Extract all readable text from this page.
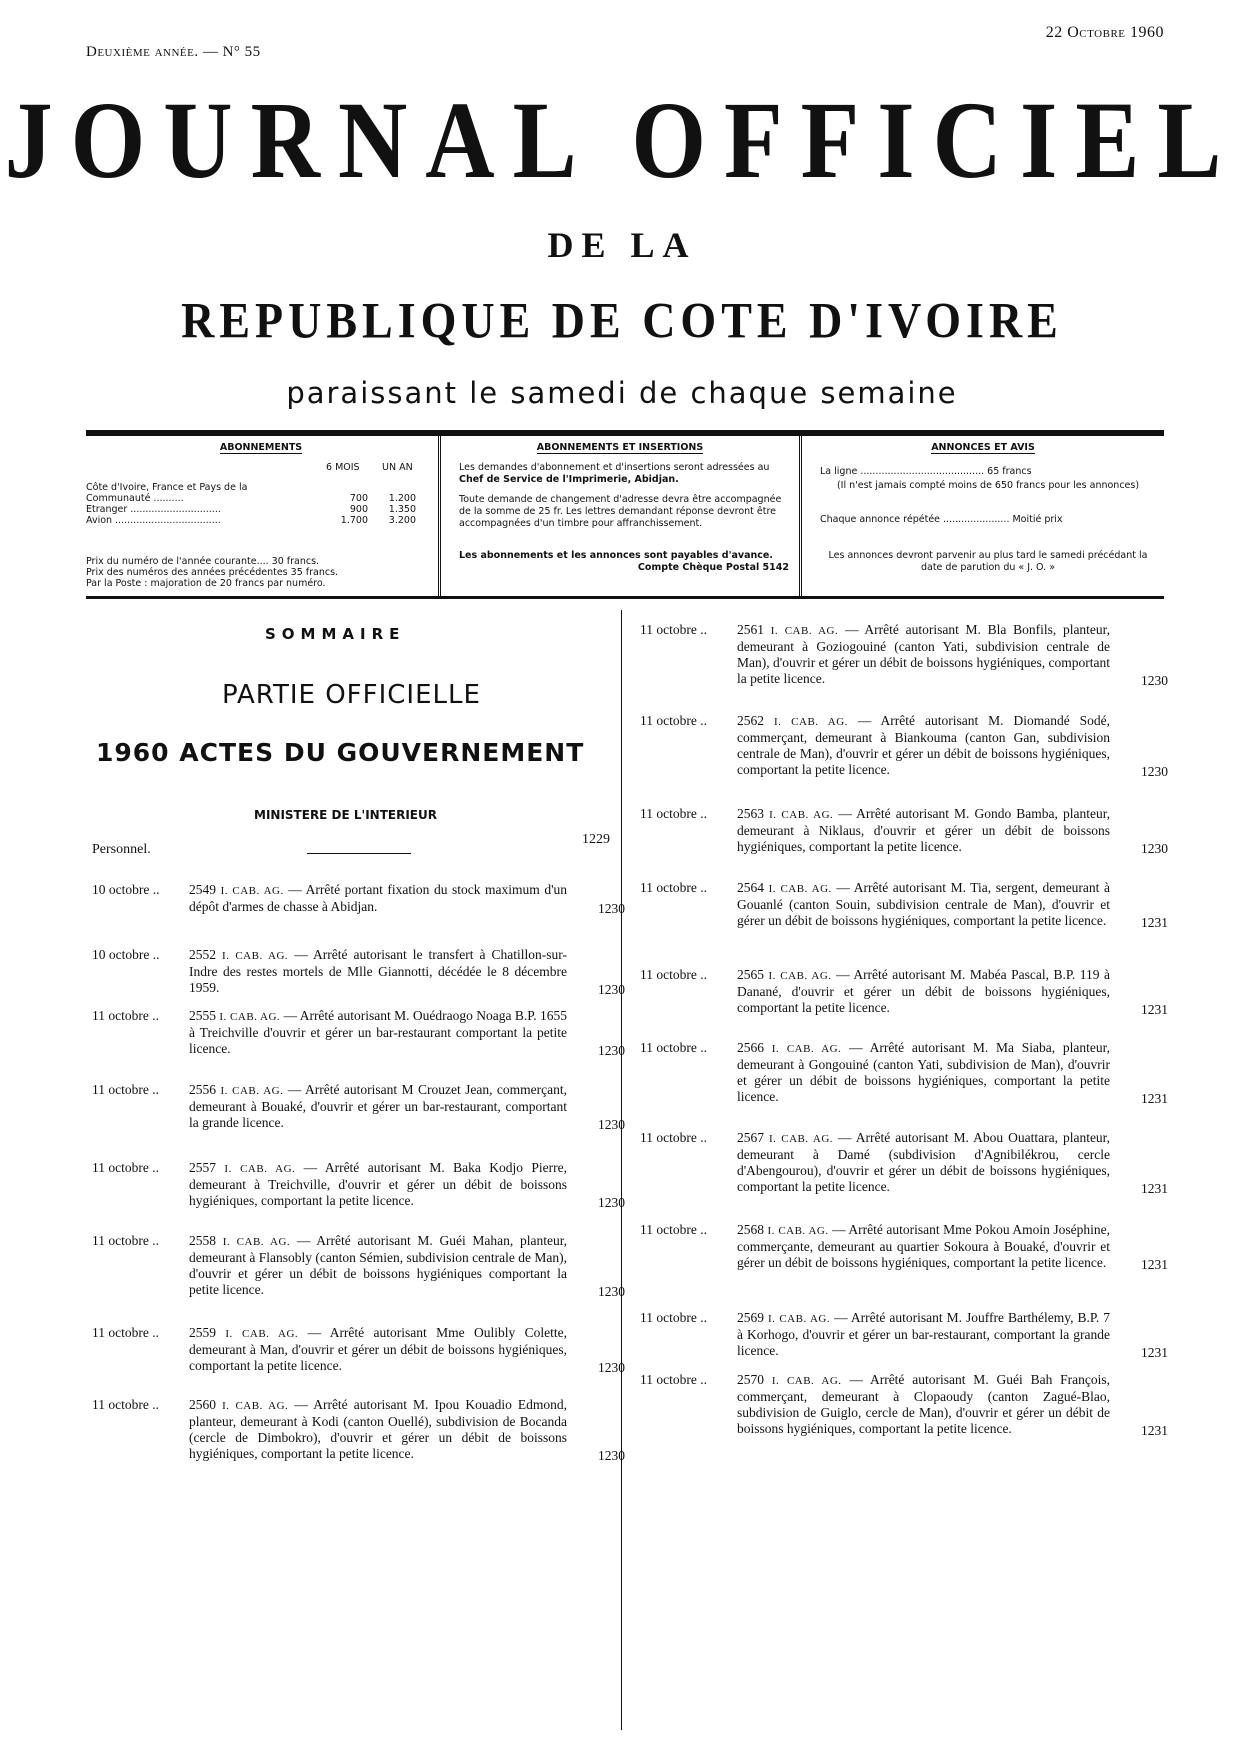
Deuxième année. — N° 55
22 Octobre 1960
JOURNAL OFFICIEL
DE LA
REPUBLIQUE DE COTE D'IVOIRE
paraissant le samedi de chaque semaine
ABONNEMENTS
6 MOIS UN AN
Côte d'Ivoire, France et Pays de la Communauté ..........	700	1.200
Etranger ..............................	900	1.350
Avion ...................................	1.700	3.200
Prix du numéro de l'année courante.... 30 francs.
Prix des numéros des années précédentes 35 francs.
Par la Poste : majoration de 20 francs par numéro.
ABONNEMENTS ET INSERTIONS
Les demandes d'abonnement et d'insertions seront adressées au Chef de Service de l'Imprimerie, Abidjan.
Toute demande de changement d'adresse devra être accompagnée de la somme de 25 fr. Les lettres demandant réponse devront être accompagnées d'un timbre pour affranchissement.
Les abonnements et les annonces sont payables d'avance.
Compte Chèque Postal 5142
ANNONCES ET AVIS
La ligne ......................................... 65 francs
(Il n'est jamais compté moins de 650 francs pour les annonces)
Chaque annonce répétée ...................... Moitié prix
Les annonces devront parvenir au plus tard le samedi précédant la date de parution du « J. O. »
SOMMAIRE
PARTIE OFFICIELLE
1960 ACTES DU GOUVERNEMENT
MINISTERE DE L'INTERIEUR
Personnel.
1229
10 octobre .. 2549 I. CAB. AG. — Arrêté portant fixation du stock maximum d'un dépôt d'armes de chasse à Abidjan.	1230
10 octobre .. 2552 I. CAB. AG. — Arrêté autorisant le transfert à Chatillon-sur-Indre des restes mortels de Mlle Giannotti, décédée le 8 décembre 1959.	1230
11 octobre .. 2555 I. CAB. AG. — Arrêté autorisant M. Ouédraogo Noaga B.P. 1655 à Treichville d'ouvrir et gérer un bar-restaurant comportant la petite licence.	1230
11 octobre .. 2556 I. CAB. AG. — Arrêté autorisant M Crouzet Jean, commerçant, demeurant à Bouaké, d'ouvrir et gérer un bar-restaurant, comportant la grande licence.	1230
11 octobre .. 2557 I. CAB. AG. — Arrêté autorisant M. Baka Kodjo Pierre, demeurant à Treichville, d'ouvrir et gérer un débit de boissons hygiéniques, comportant la petite licence.	1230
11 octobre .. 2558 I. CAB. AG. — Arrêté autorisant M. Guéi Mahan, planteur, demeurant à Flansobly (canton Sémien, subdivision centrale de Man), d'ouvrir et gérer un débit de boissons hygiéniques comportant la petite licence.	1230
11 octobre .. 2559 I. CAB. AG. — Arrêté autorisant Mme Oulibly Colette, demeurant à Man, d'ouvrir et gérer un débit de boissons hygiéniques, comportant la petite licence.	1230
11 octobre .. 2560 I. CAB. AG. — Arrêté autorisant M. Ipou Kouadio Edmond, planteur, demeurant à Kodi (canton Ouellé), subdivision de Bocanda (cercle de Dimbokro), d'ouvrir et gérer un débit de boissons hygiéniques, comportant la petite licence.	1230
11 octobre .. 2561 I. CAB. AG. — Arrêté autorisant M. Bla Bonfils, planteur, demeurant à Goziogouiné (canton Yati, subdivision centrale de Man), d'ouvrir et gérer un débit de boissons hygiéniques, comportant la petite licence.	1230
11 octobre .. 2562 I. CAB. AG. — Arrêté autorisant M. Diomandé Sodé, commerçant, demeurant à Biankouma (canton Gan, subdivision centrale de Man), d'ouvrir et gérer un débit de boissons hygiéniques, comportant la petite licence.	1230
11 octobre .. 2563 I. CAB. AG. — Arrêté autorisant M. Gondo Bamba, planteur, demeurant à Niklaus, d'ouvrir et gérer un débit de boissons hygiéniques, comportant la petite licence.	1230
11 octobre .. 2564 I. CAB. AG. — Arrêté autorisant M. Tia, sergent, demeurant à Gouanlé (canton Souin, subdivision centrale de Man), d'ouvrir et gérer un débit de boissons hygiéniques, comportant la petite licence.	1231
11 octobre .. 2565 I. CAB. AG. — Arrêté autorisant M. Mabéa Pascal, B.P. 119 à Danané, d'ouvrir et gérer un débit de boissons hygiéniques, comportant la petite licence.	1231
11 octobre .. 2566 I. CAB. AG. — Arrêté autorisant M. Ma Siaba, planteur, demeurant à Gongouiné (canton Yati, subdivision de Man), d'ouvrir et gérer un débit de boissons hygiéniques, comportant la petite licence.	1231
11 octobre .. 2567 I. CAB. AG. — Arrêté autorisant M. Abou Ouattara, planteur, demeurant à Damé (subdivision d'Agnibilékrou, cercle d'Abengourou), d'ouvrir et gérer un débit de boissons hygiéniques, comportant la petite licence.	1231
11 octobre .. 2568 I. CAB. AG. — Arrêté autorisant Mme Pokou Amoin Joséphine, commerçante, demeurant au quartier Sokoura à Bouaké, d'ouvrir et gérer un débit de boissons hygiéniques, comportant la petite licence.	1231
11 octobre .. 2569 I. CAB. AG. — Arrêté autorisant M. Jouffre Barthélemy, B.P. 7 à Korhogo, d'ouvrir et gérer un bar-restaurant, comportant la grande licence.	1231
11 octobre .. 2570 I. CAB. AG. — Arrêté autorisant M. Guéi Bah François, commerçant, demeurant à Clopaoudy (canton Zagué-Blao, subdivision de Guiglo, cercle de Man), d'ouvrir et gérer un débit de boissons hygiéniques, comportant la petite licence.	1231
